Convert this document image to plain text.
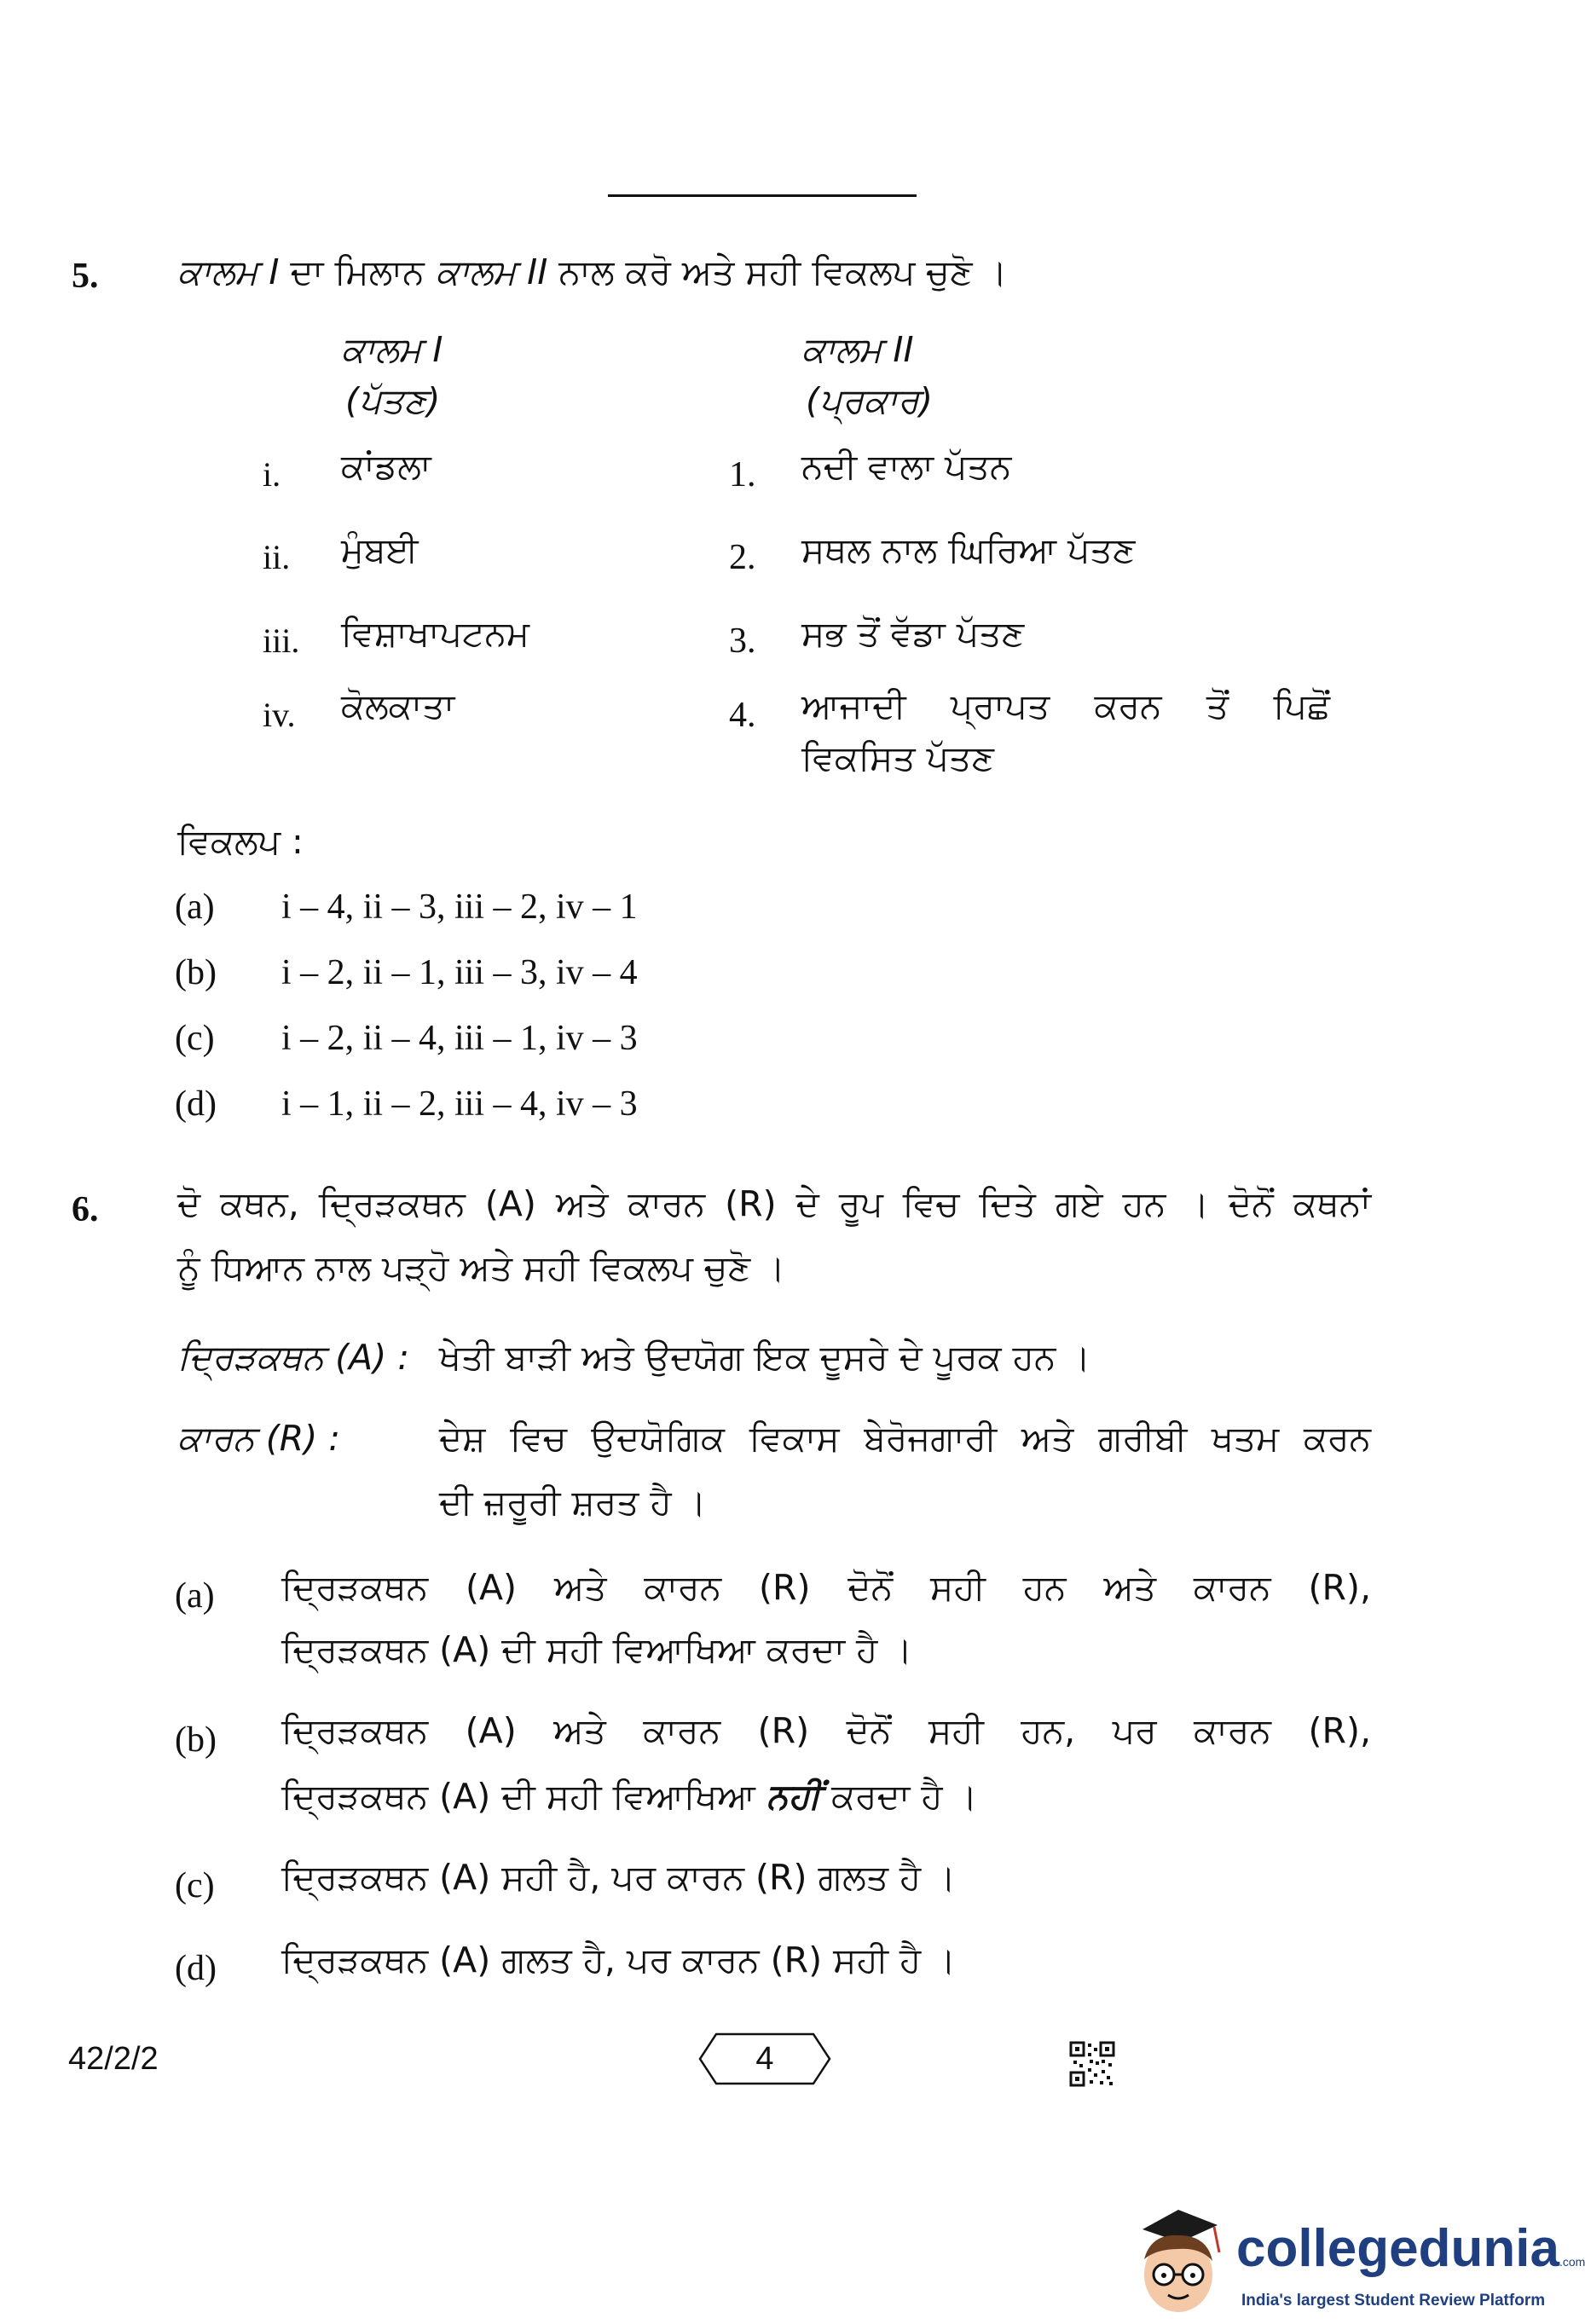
5. ਕਾਲਮ I ਦਾ ਮਿਲਾਨ ਕਾਲਮ II ਨਾਲ ਕਰੋ ਅਤੇ ਸਹੀ ਵਿਕਲਪ ਚੁਣੋ ।
ਕਾਲਮ I
(ਪੱਤਣ)
ਕਾਲਮ II
(ਪ੍ਰਕਾਰ)
i. ਕਾਂਡਲਾ
ii. ਮੁੰਬਈ
iii. ਵਿਸ਼ਾਖਾਪਟਨਮ
iv. ਕੋਲਕਾਤਾ
1. ਨਦੀ ਵਾਲਾ ਪੱਤਨ
2. ਸਥਲ ਨਾਲ ਘਿਰਿਆ ਪੱਤਣ
3. ਸਭ ਤੋਂ ਵੱਡਾ ਪੱਤਣ
4. ਆਜਾਦੀ ਪ੍ਰਾਪਤ ਕਰਨ ਤੋਂ ਪਿਛੋਂ
ਵਿਕਸਿਤ ਪੱਤਣ
ਵਿਕਲਪ :
(a) i – 4, ii – 3, iii – 2, iv – 1
(b) i – 2, ii – 1, iii – 3, iv – 4
(c) i – 2, ii – 4, iii – 1, iv – 3
(d) i – 1, ii – 2, iii – 4, iv – 3
6. ਦੋ ਕਥਨ, ਦ੍ਰਿੜਕਥਨ (A) ਅਤੇ ਕਾਰਨ (R) ਦੇ ਰੂਪ ਵਿਚ ਦਿਤੇ ਗਏ ਹਨ । ਦੋਨੋਂ ਕਥਨਾਂ
ਨੂੰ ਧਿਆਨ ਨਾਲ ਪੜ੍ਹੋ ਅਤੇ ਸਹੀ ਵਿਕਲਪ ਚੁਣੋ ।
ਦ੍ਰਿੜਕਥਨ (A) : ਖੇਤੀ ਬਾੜੀ ਅਤੇ ਉਦਯੋਗ ਇਕ ਦੂਸਰੇ ਦੇ ਪੂਰਕ ਹਨ ।
ਕਾਰਨ (R) :	ਦੇਸ਼ ਵਿਚ ਉਦਯੋਗਿਕ ਵਿਕਾਸ ਬੇਰੋਜਗਾਰੀ ਅਤੇ ਗਰੀਬੀ ਖਤਮ ਕਰਨ
ਦੀ ਜ਼ਰੂਰੀ ਸ਼ਰਤ ਹੈ ।
(a) ਦ੍ਰਿੜਕਥਨ (A) ਅਤੇ ਕਾਰਨ (R) ਦੋਨੋਂ ਸਹੀ ਹਨ ਅਤੇ ਕਾਰਨ (R),
ਦ੍ਰਿੜਕਥਨ (A) ਦੀ ਸਹੀ ਵਿਆਖਿਆ ਕਰਦਾ ਹੈ ।
(b) ਦ੍ਰਿੜਕਥਨ (A) ਅਤੇ ਕਾਰਨ (R) ਦੋਨੋਂ ਸਹੀ ਹਨ, ਪਰ ਕਾਰਨ (R),
ਦ੍ਰਿੜਕਥਨ (A) ਦੀ ਸਹੀ ਵਿਆਖਿਆ ਨਹੀਂ ਕਰਦਾ ਹੈ ।
(c) ਦ੍ਰਿੜਕਥਨ (A) ਸਹੀ ਹੈ, ਪਰ ਕਾਰਨ (R) ਗਲਤ ਹੈ ।
(d) ਦ੍ਰਿੜਕਥਨ (A) ਗਲਤ ਹੈ, ਪਰ ਕਾਰਨ (R) ਸਹੀ ਹੈ ।
42/2/2	4
collegedunia.com
India's largest Student Review Platform
